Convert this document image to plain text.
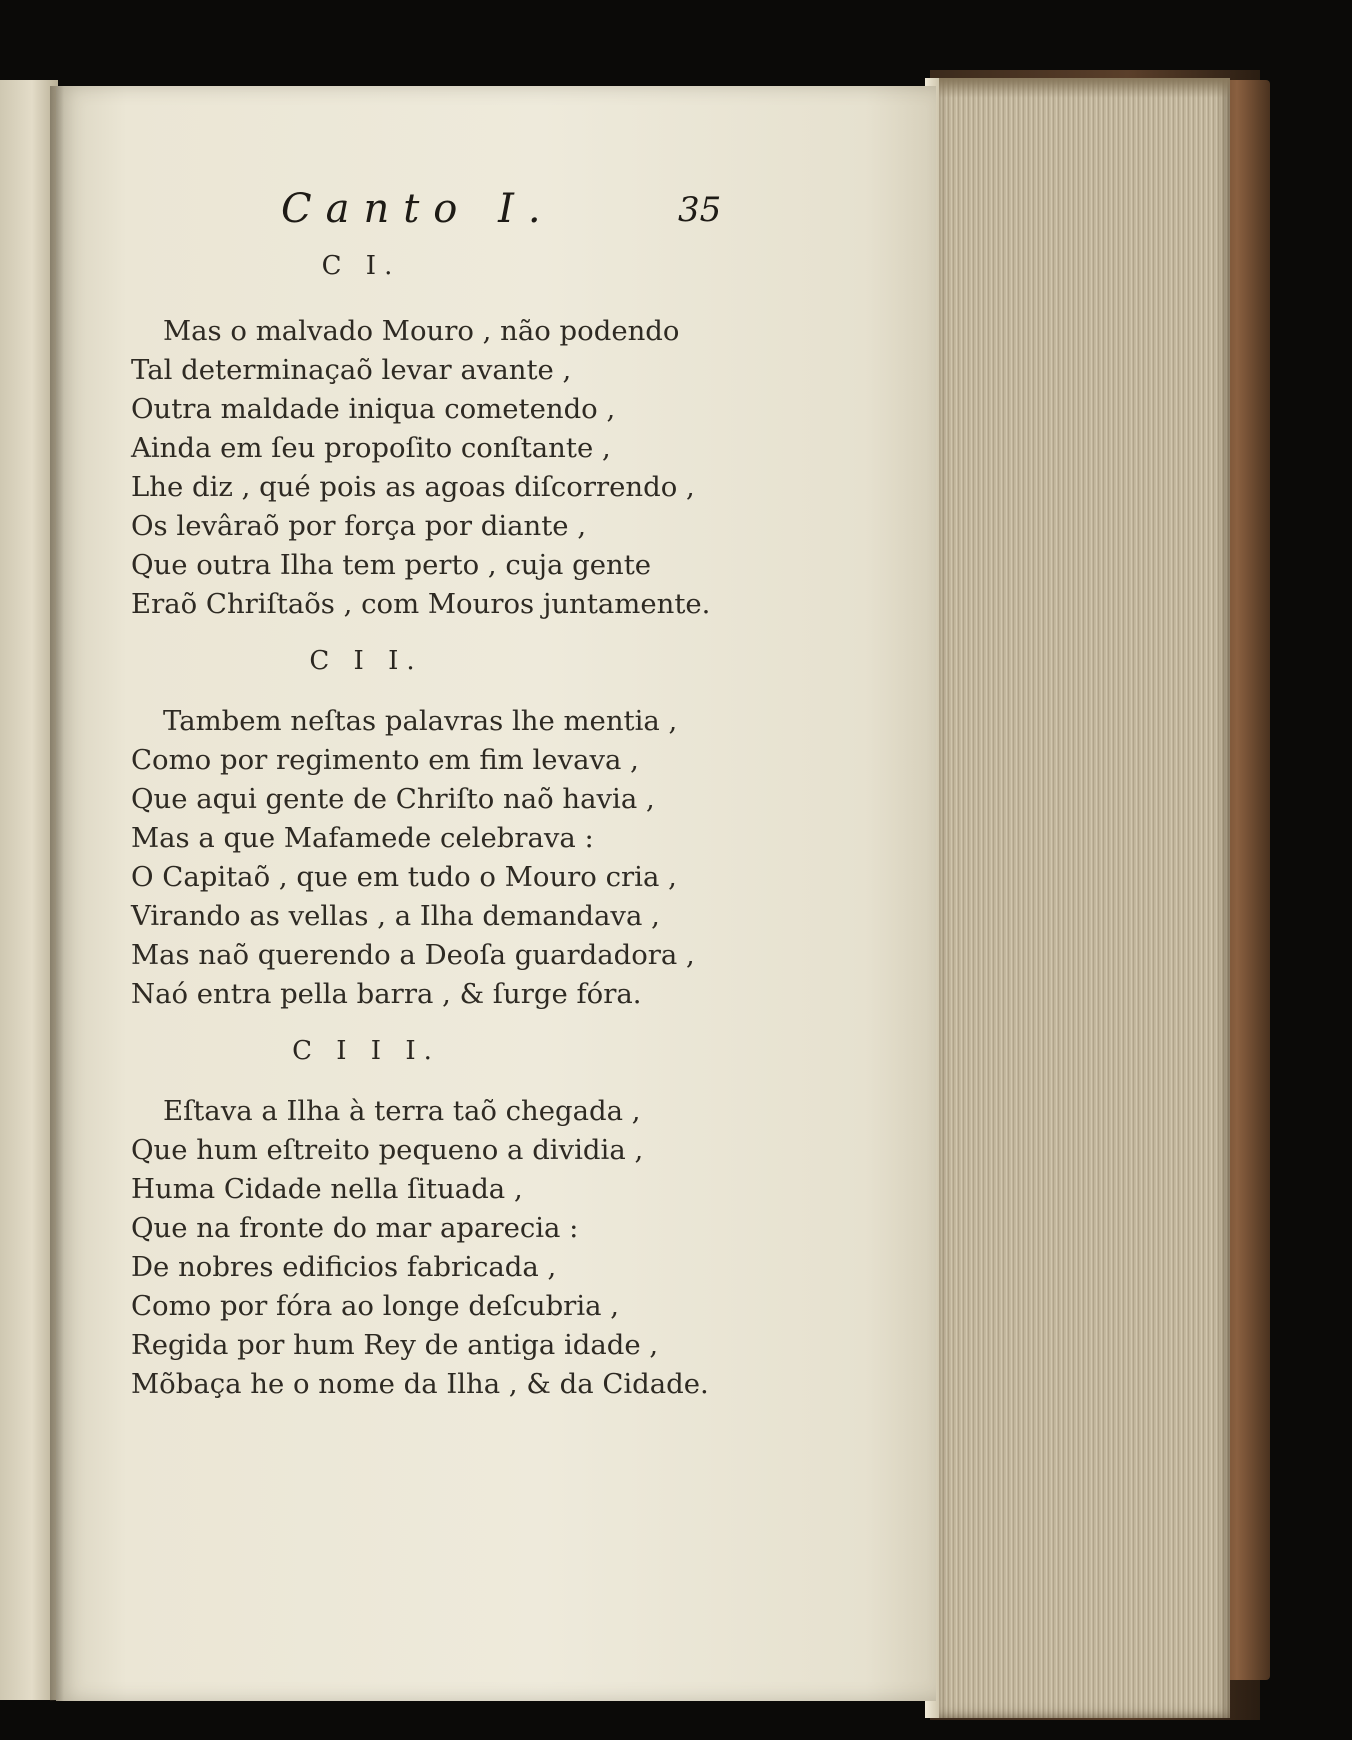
Canto I.	35
C I.
Mas o malvado Mouro , não podendo
Tal determinaçaõ levar avante ,
Outra maldade iniqua cometendo ,
Ainda em ſeu propoſito conſtante ,
Lhe diz , qué pois as agoas diſcorrendo ,
Os levâraõ por força por diante ,
Que outra Ilha tem perto , cuja gente
Eraõ Chriſtaõs , com Mouros juntamente.
C I I.
Tambem neſtas palavras lhe mentia ,
Como por regimento em fim levava ,
Que aqui gente de Chriſto naõ havia ,
Mas a que Mafamede celebrava :
O Capitaõ , que em tudo o Mouro cria ,
Virando as vellas , a Ilha demandava ,
Mas naõ querendo a Deoſa guardadora ,
Naó entra pella barra , & ſurge fóra.
C I I I.
Eſtava a Ilha à terra taõ chegada ,
Que hum eſtreito pequeno a dividia ,
Huma Cidade nella ſituada ,
Que na fronte do mar aparecia :
De nobres edificios fabricada ,
Como por fóra ao longe deſcubria ,
Regida por hum Rey de antiga idade ,
Mõbaça he o nome da Ilha , & da Cidade.
